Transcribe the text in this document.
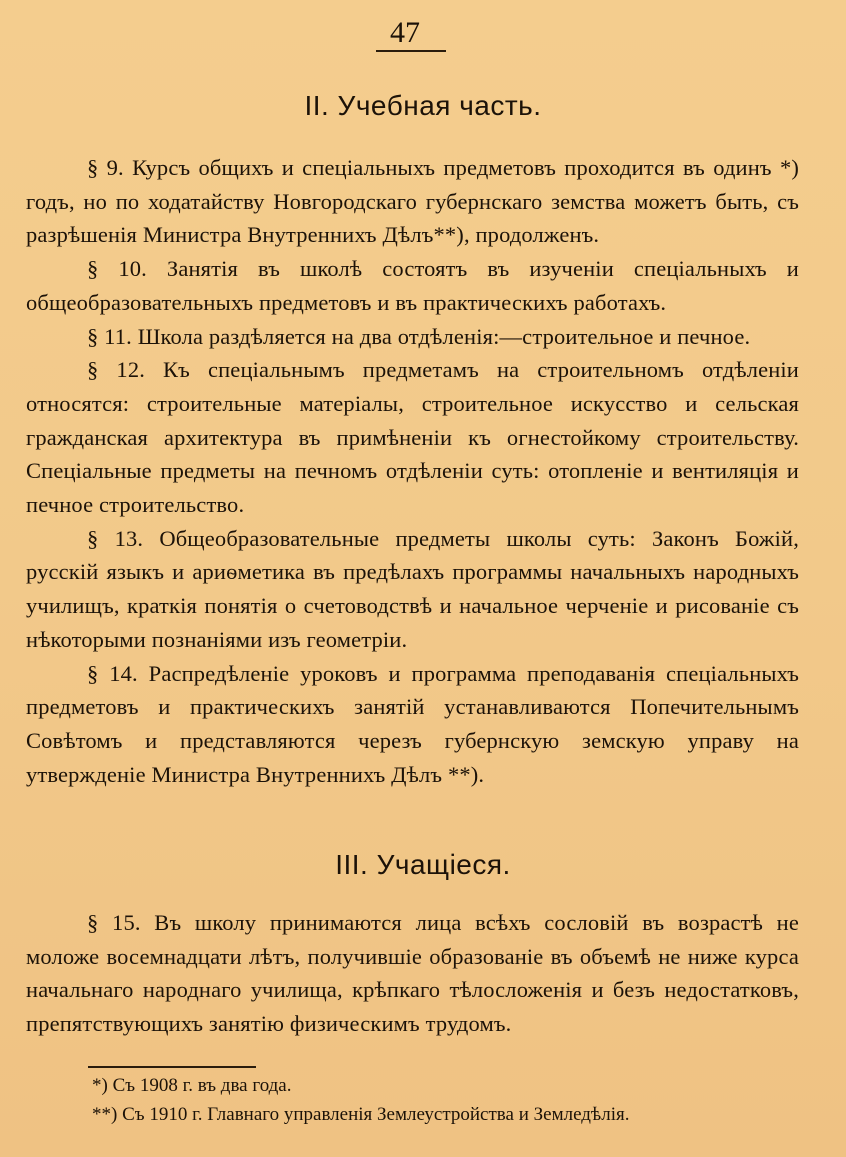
47
II. Учебная часть.

§ 9. Курсъ общихъ и спеціальныхъ предметовъ проходится въ одинъ *) годъ, но по ходатайству Новгородскаго губернскаго земства можетъ быть, съ разрѣшенія Министра Внутреннихъ Дѣлъ**), продолженъ.

§ 10. Занятія въ школѣ состоятъ въ изученіи спеціальныхъ и общеобразовательныхъ предметовъ и въ практическихъ работахъ.

§ 11. Школа раздѣляется на два отдѣленія:—строительное и печное.

§ 12. Къ спеціальнымъ предметамъ на строительномъ отдѣленіи относятся: строительные матеріалы, строительное искусство и сельская гражданская архитектура въ примѣненіи къ огнестойкому строительству. Спеціальные предметы на печномъ отдѣленіи суть: отопленіе и вентиляція и печное строительство.

§ 13. Общеобразовательные предметы школы суть: Законъ Божій, русскій языкъ и ариѳметика въ предѣлахъ программы начальныхъ народныхъ училищъ, краткія понятія о счетоводствѣ и начальное черченіе и рисованіе съ нѣкоторыми познаніями изъ геометріи.

§ 14. Распредѣленіе уроковъ и программа преподаванія спеціальныхъ предметовъ и практическихъ занятій устанавливаются Попечительнымъ Совѣтомъ и представляются черезъ губернскую земскую управу на утвержденіе Министра Внутреннихъ Дѣлъ **).

III. Учащіеся.

§ 15. Въ школу принимаются лица всѣхъ сословій въ возрастѣ не моложе восемнадцати лѣтъ, получившіе образованіе въ объемѣ не ниже курса начальнаго народнаго училища, крѣпкаго тѣлосложенія и безъ недостатковъ, препятствующихъ занятію физическимъ трудомъ.

*) Съ 1908 г. въ два года.
**) Съ 1910 г. Главнаго управленія Землеустройства и Земледѣлія.
